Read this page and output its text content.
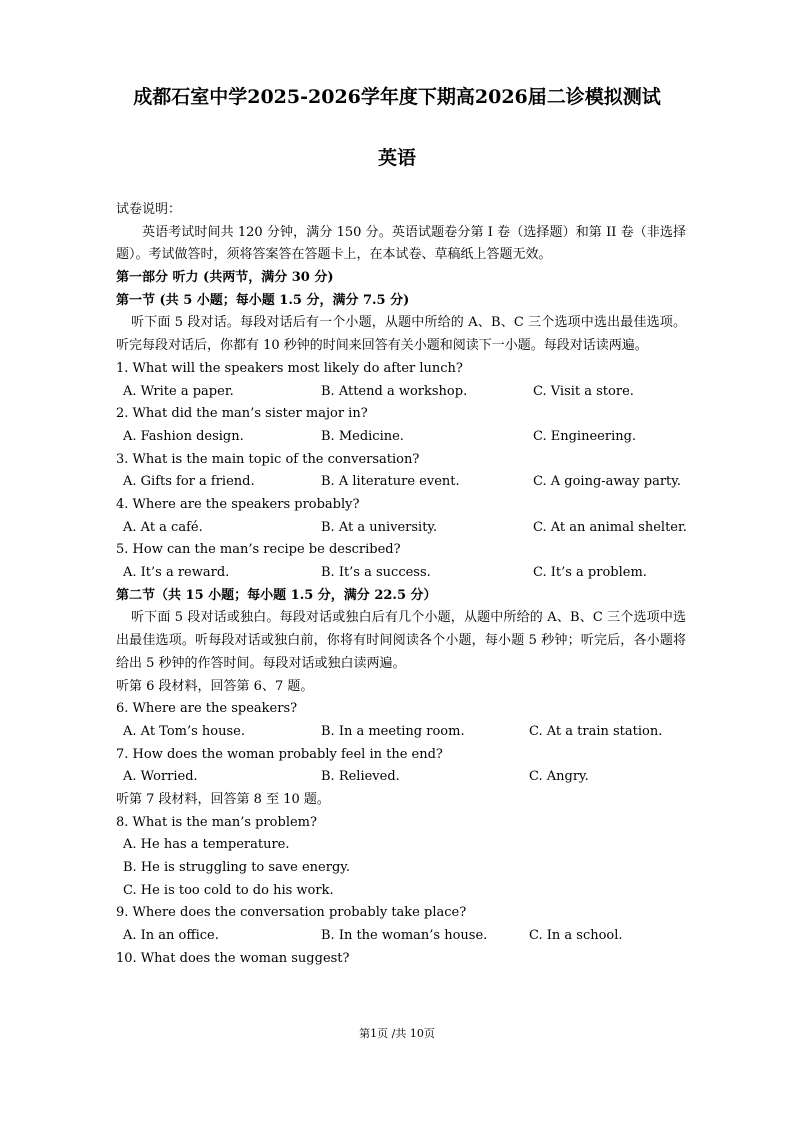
成都石室中学2025-2026学年度下期高2026届二诊模拟测试
英语
试卷说明：
英语考试时间共 120 分钟，满分 150 分。英语试题卷分第 I 卷（选择题）和第 II 卷（非选择题）。考试做答时，须将答案答在答题卡上，在本试卷、草稿纸上答题无效。
第一部分 听力 (共两节，满分 30 分)
第一节 (共 5 小题；每小题 1.5 分，满分 7.5 分)
听下面 5 段对话。每段对话后有一个小题，从题中所给的 A、B、C 三个选项中选出最佳选项。听完每段对话后，你都有 10 秒钟的时间来回答有关小题和阅读下一小题。每段对话读两遍。
1. What will the speakers most likely do after lunch?
A. Write a paper.	B. Attend a workshop.	C. Visit a store.
2. What did the man’s sister major in?
A. Fashion design.	B. Medicine.	C. Engineering.
3. What is the main topic of the conversation?
A. Gifts for a friend.	B. A literature event.	C. A going-away party.
4. Where are the speakers probably?
A. At a café.	B. At a university.	C. At an animal shelter.
5. How can the man’s recipe be described?
A. It’s a reward.	B. It’s a success.	C. It’s a problem.
第二节（共 15 小题；每小题 1.5 分，满分 22.5 分）
听下面 5 段对话或独白。每段对话或独白后有几个小题，从题中所给的 A、B、C 三个选项中选出最佳选项。听每段对话或独白前，你将有时间阅读各个小题，每小题 5 秒钟；听完后，各小题将给出 5 秒钟的作答时间。每段对话或独白读两遍。
听第 6 段材料，回答第 6、7 题。
6. Where are the speakers?
A. At Tom’s house.	B. In a meeting room.	C. At a train station.
7. How does the woman probably feel in the end?
A. Worried.	B. Relieved.	C. Angry.
听第 7 段材料，回答第 8 至 10 题。
8. What is the man’s problem?
A. He has a temperature.
B. He is struggling to save energy.
C. He is too cold to do his work.
9. Where does the conversation probably take place?
A. In an office.	B. In the woman’s house.	C. In a school.
10. What does the woman suggest?
第1页 /共 10页
